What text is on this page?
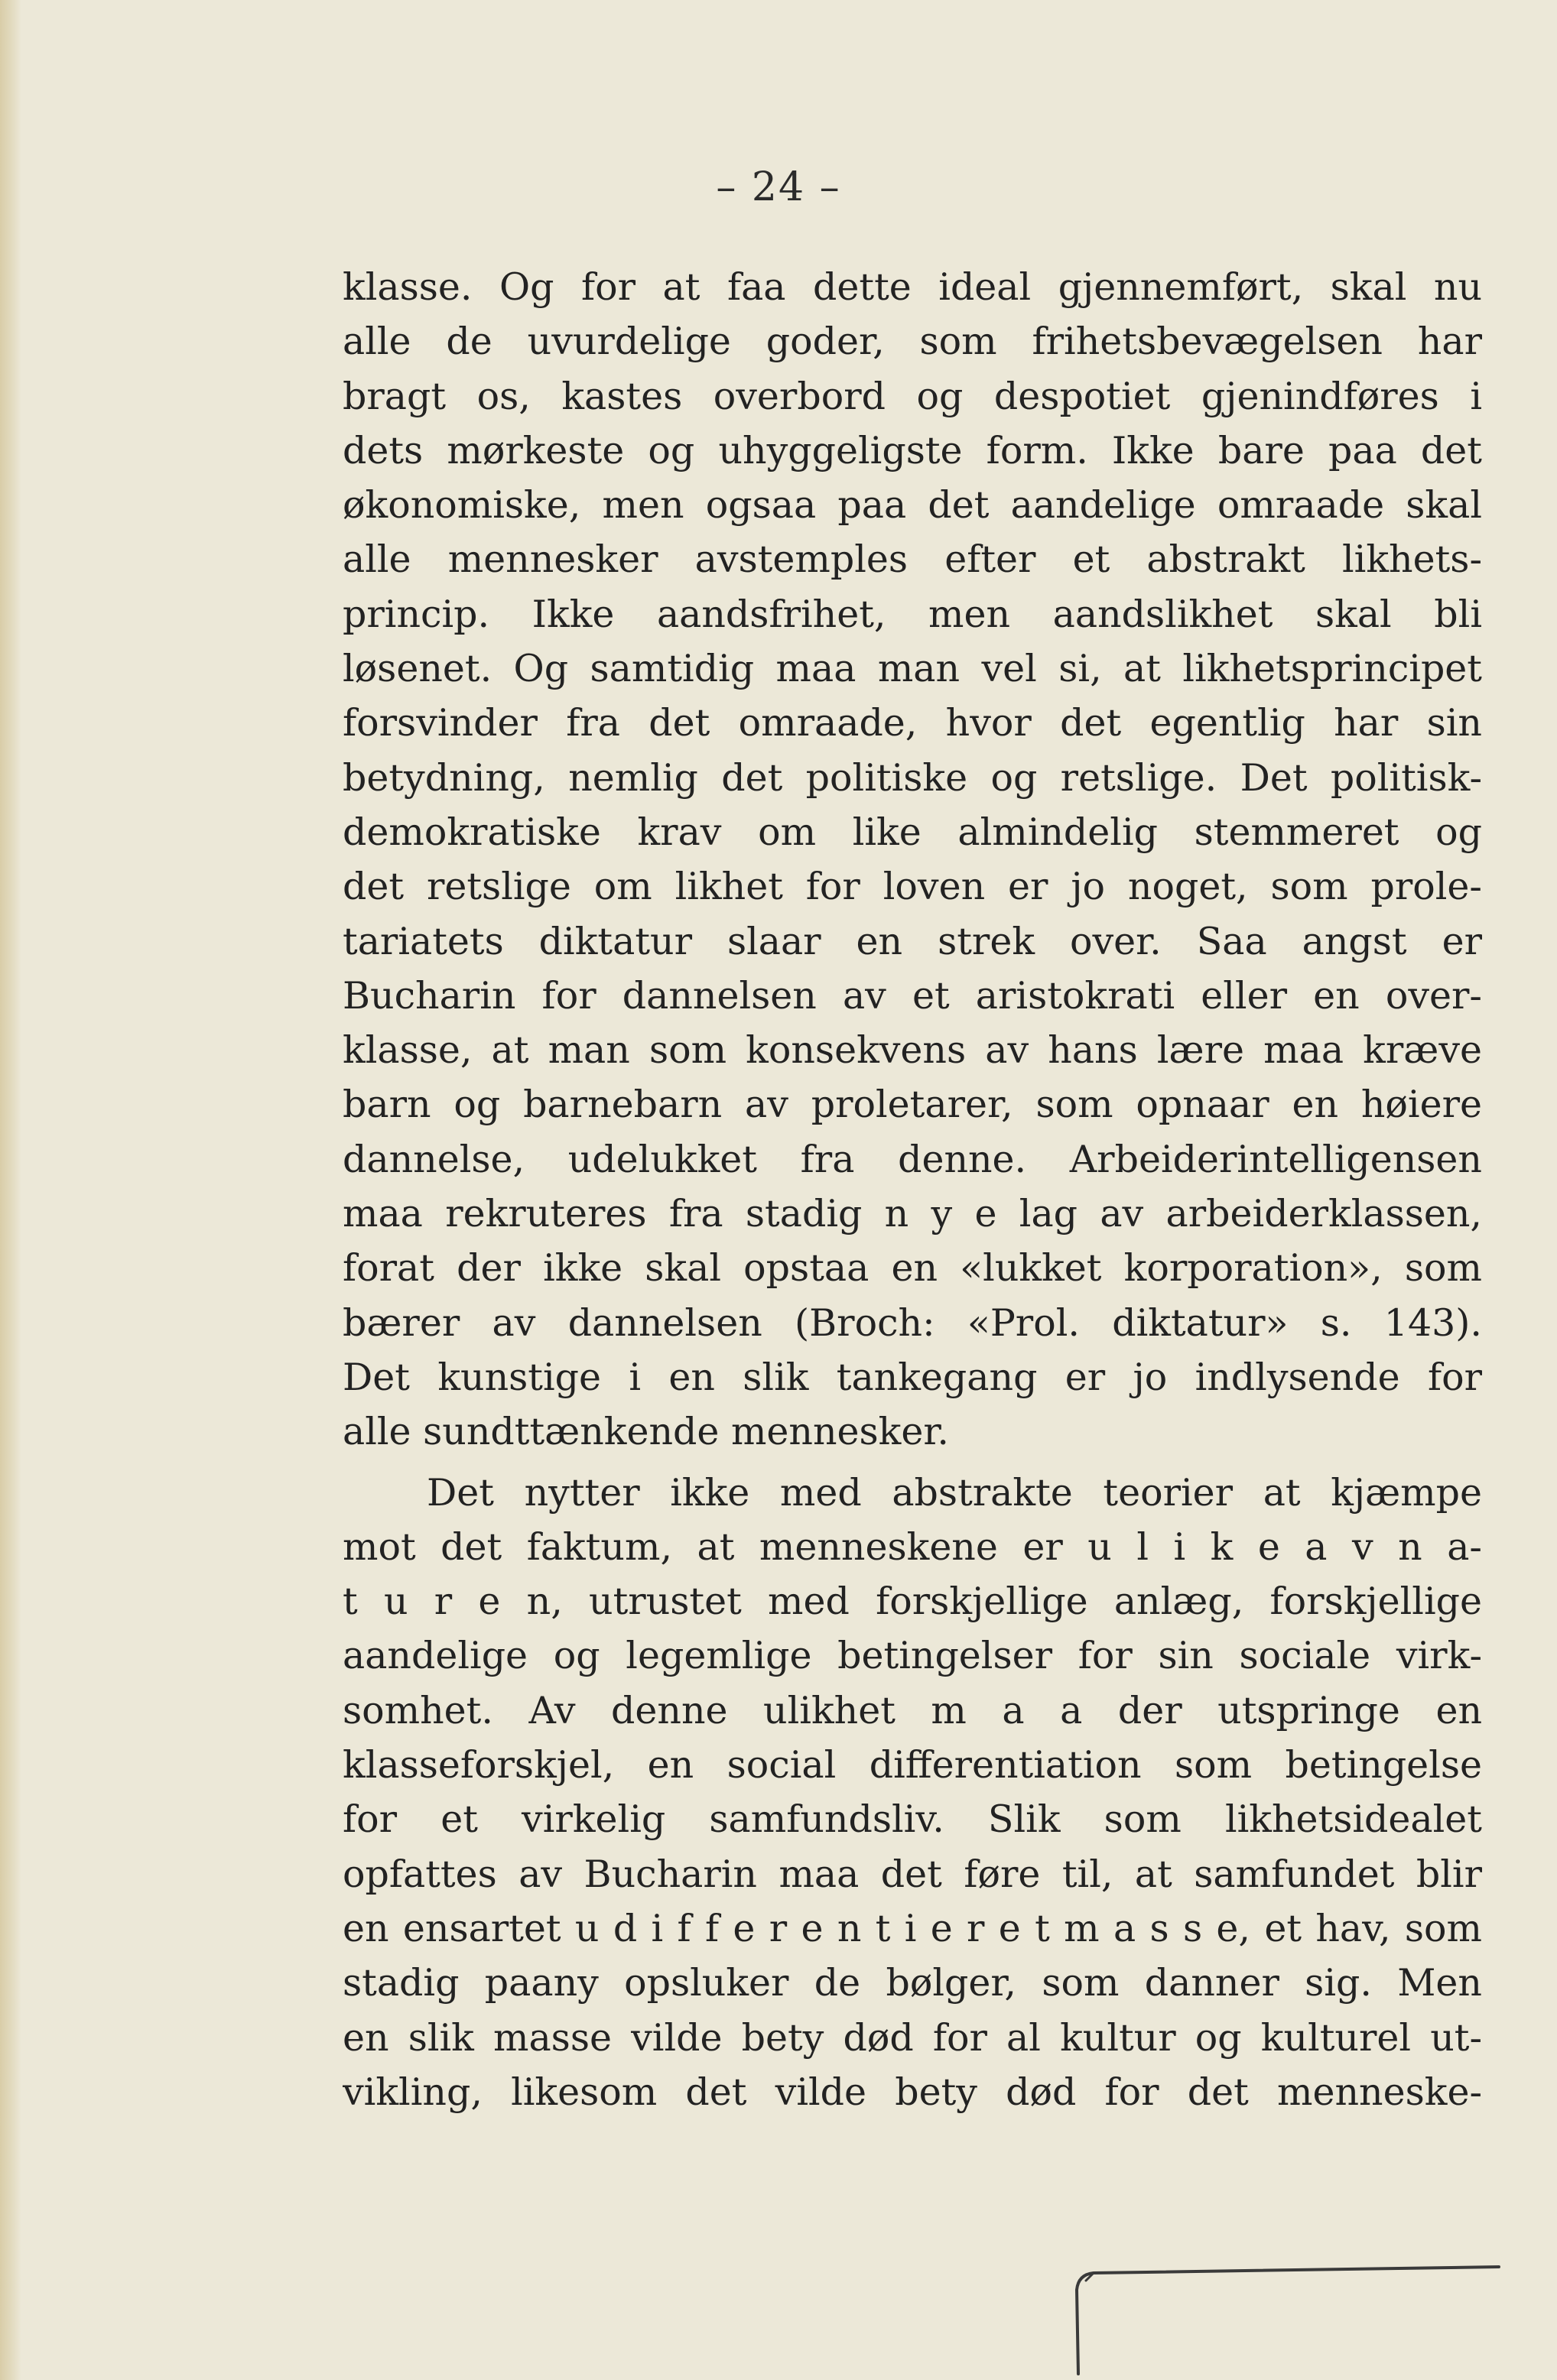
– 24 –
klasse. Og for at faa dette ideal gjennemført, skal nu
alle de uvurdelige goder, som frihetsbevægelsen har
bragt os, kastes overbord og despotiet gjenindføres i
dets mørkeste og uhyggeligste form. Ikke bare paa det
økonomiske, men ogsaa paa det aandelige omraade skal
alle mennesker avstemples efter et abstrakt likhets-
princip. Ikke aandsfrihet, men aandslikhet skal bli
løsenet. Og samtidig maa man vel si, at likhetsprincipet
forsvinder fra det omraade, hvor det egentlig har sin
betydning, nemlig det politiske og retslige. Det politisk-
demokratiske krav om like almindelig stemmeret og
det retslige om likhet for loven er jo noget, som prole-
tariatets diktatur slaar en strek over. Saa angst er
Bucharin for dannelsen av et aristokrati eller en over-
klasse, at man som konsekvens av hans lære maa kræve
barn og barnebarn av proletarer, som opnaar en høiere
dannelse, udelukket fra denne. Arbeiderintelligensen
maa rekruteres fra stadig n y e lag av arbeiderklassen,
forat der ikke skal opstaa en «lukket korporation», som
bærer av dannelsen (Broch: «Prol. diktatur» s. 143).
Det kunstige i en slik tankegang er jo indlysende for
alle sundttænkende mennesker.
Det nytter ikke med abstrakte teorier at kjæmpe
mot det faktum, at menneskene er u l i k e a v n a-
t u r e n, utrustet med forskjellige anlæg, forskjellige
aandelige og legemlige betingelser for sin sociale virk-
somhet. Av denne ulikhet m a a der utspringe en
klasseforskjel, en social differentiation som betingelse
for et virkelig samfundsliv. Slik som likhetsidealet
opfattes av Bucharin maa det føre til, at samfundet blir
en ensartet u d i f f e r e n t i e r e t m a s s e, et hav, som
stadig paany opsluker de bølger, som danner sig. Men
en slik masse vilde bety død for al kultur og kulturel ut-
vikling, likesom det vilde bety død for det menneske-
